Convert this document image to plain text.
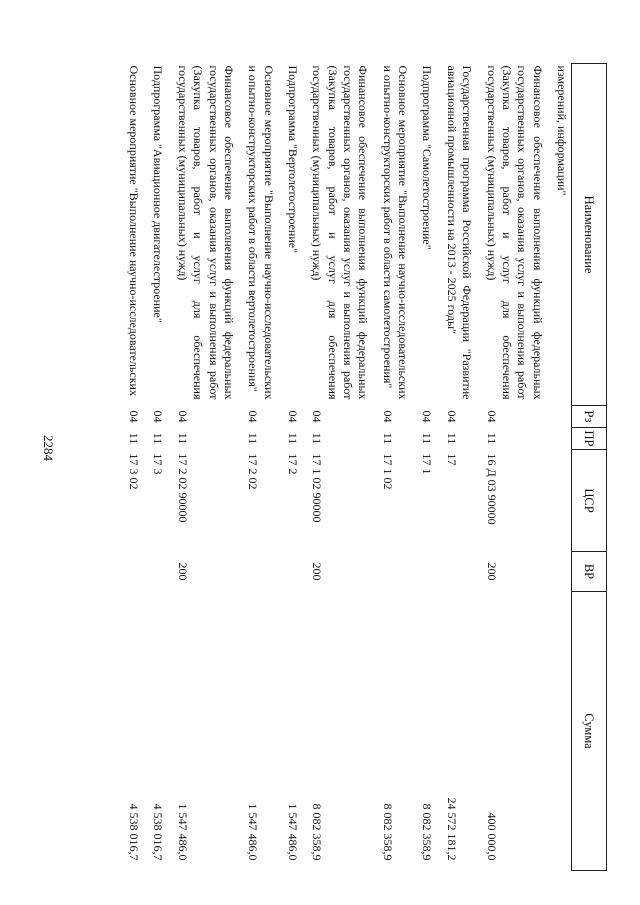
2284
Наименование	Рз	ПР	ЦСР	ВР	Сумма
измерений, информации"					
Финансовое обеспечение выполнения функций федеральных государственных органов, оказания услуг и выполнения работ (Закупка товаров, работ и услуг для обеспечения государственных (муниципальных) нужд)	04	11	16 Д 03 90000	200	400 000,0
Государственная программа Российской Федерации "Развитие авиационной промышленности на 2013 - 2025 годы"	04	11	17		24 572 181,2
Подпрограмма "Самолетостроение"	04	11	17 1		8 082 358,9
Основное мероприятие "Выполнение научно-исследовательских и опытно-конструкторских работ в области самолетостроения"	04	11	17 1 02		8 082 358,9
Финансовое обеспечение выполнения функций федеральных государственных органов, оказания услуг и выполнения работ (Закупка товаров, работ и услуг для обеспечения государственных (муниципальных) нужд)	04	11	17 1 02 90000	200	8 082 358,9
Подпрограмма "Вертолетостроение"	04	11	17 2		1 547 486,0
Основное мероприятие "Выполнение научно-исследовательских и опытно-конструкторских работ в области вертолетостроения"	04	11	17 2 02		1 547 486,0
Финансовое обеспечение выполнения функций федеральных государственных органов, оказания услуг и выполнения работ (Закупка товаров, работ и услуг для обеспечения государственных (муниципальных) нужд)	04	11	17 2 02 90000	200	1 547 486,0
Подпрограмма "Авиационное двигателестроение"	04	11	17 3		4 538 016,7
Основное мероприятие "Выполнение научно-исследовательских	04	11	17 3 02		4 538 016,7
